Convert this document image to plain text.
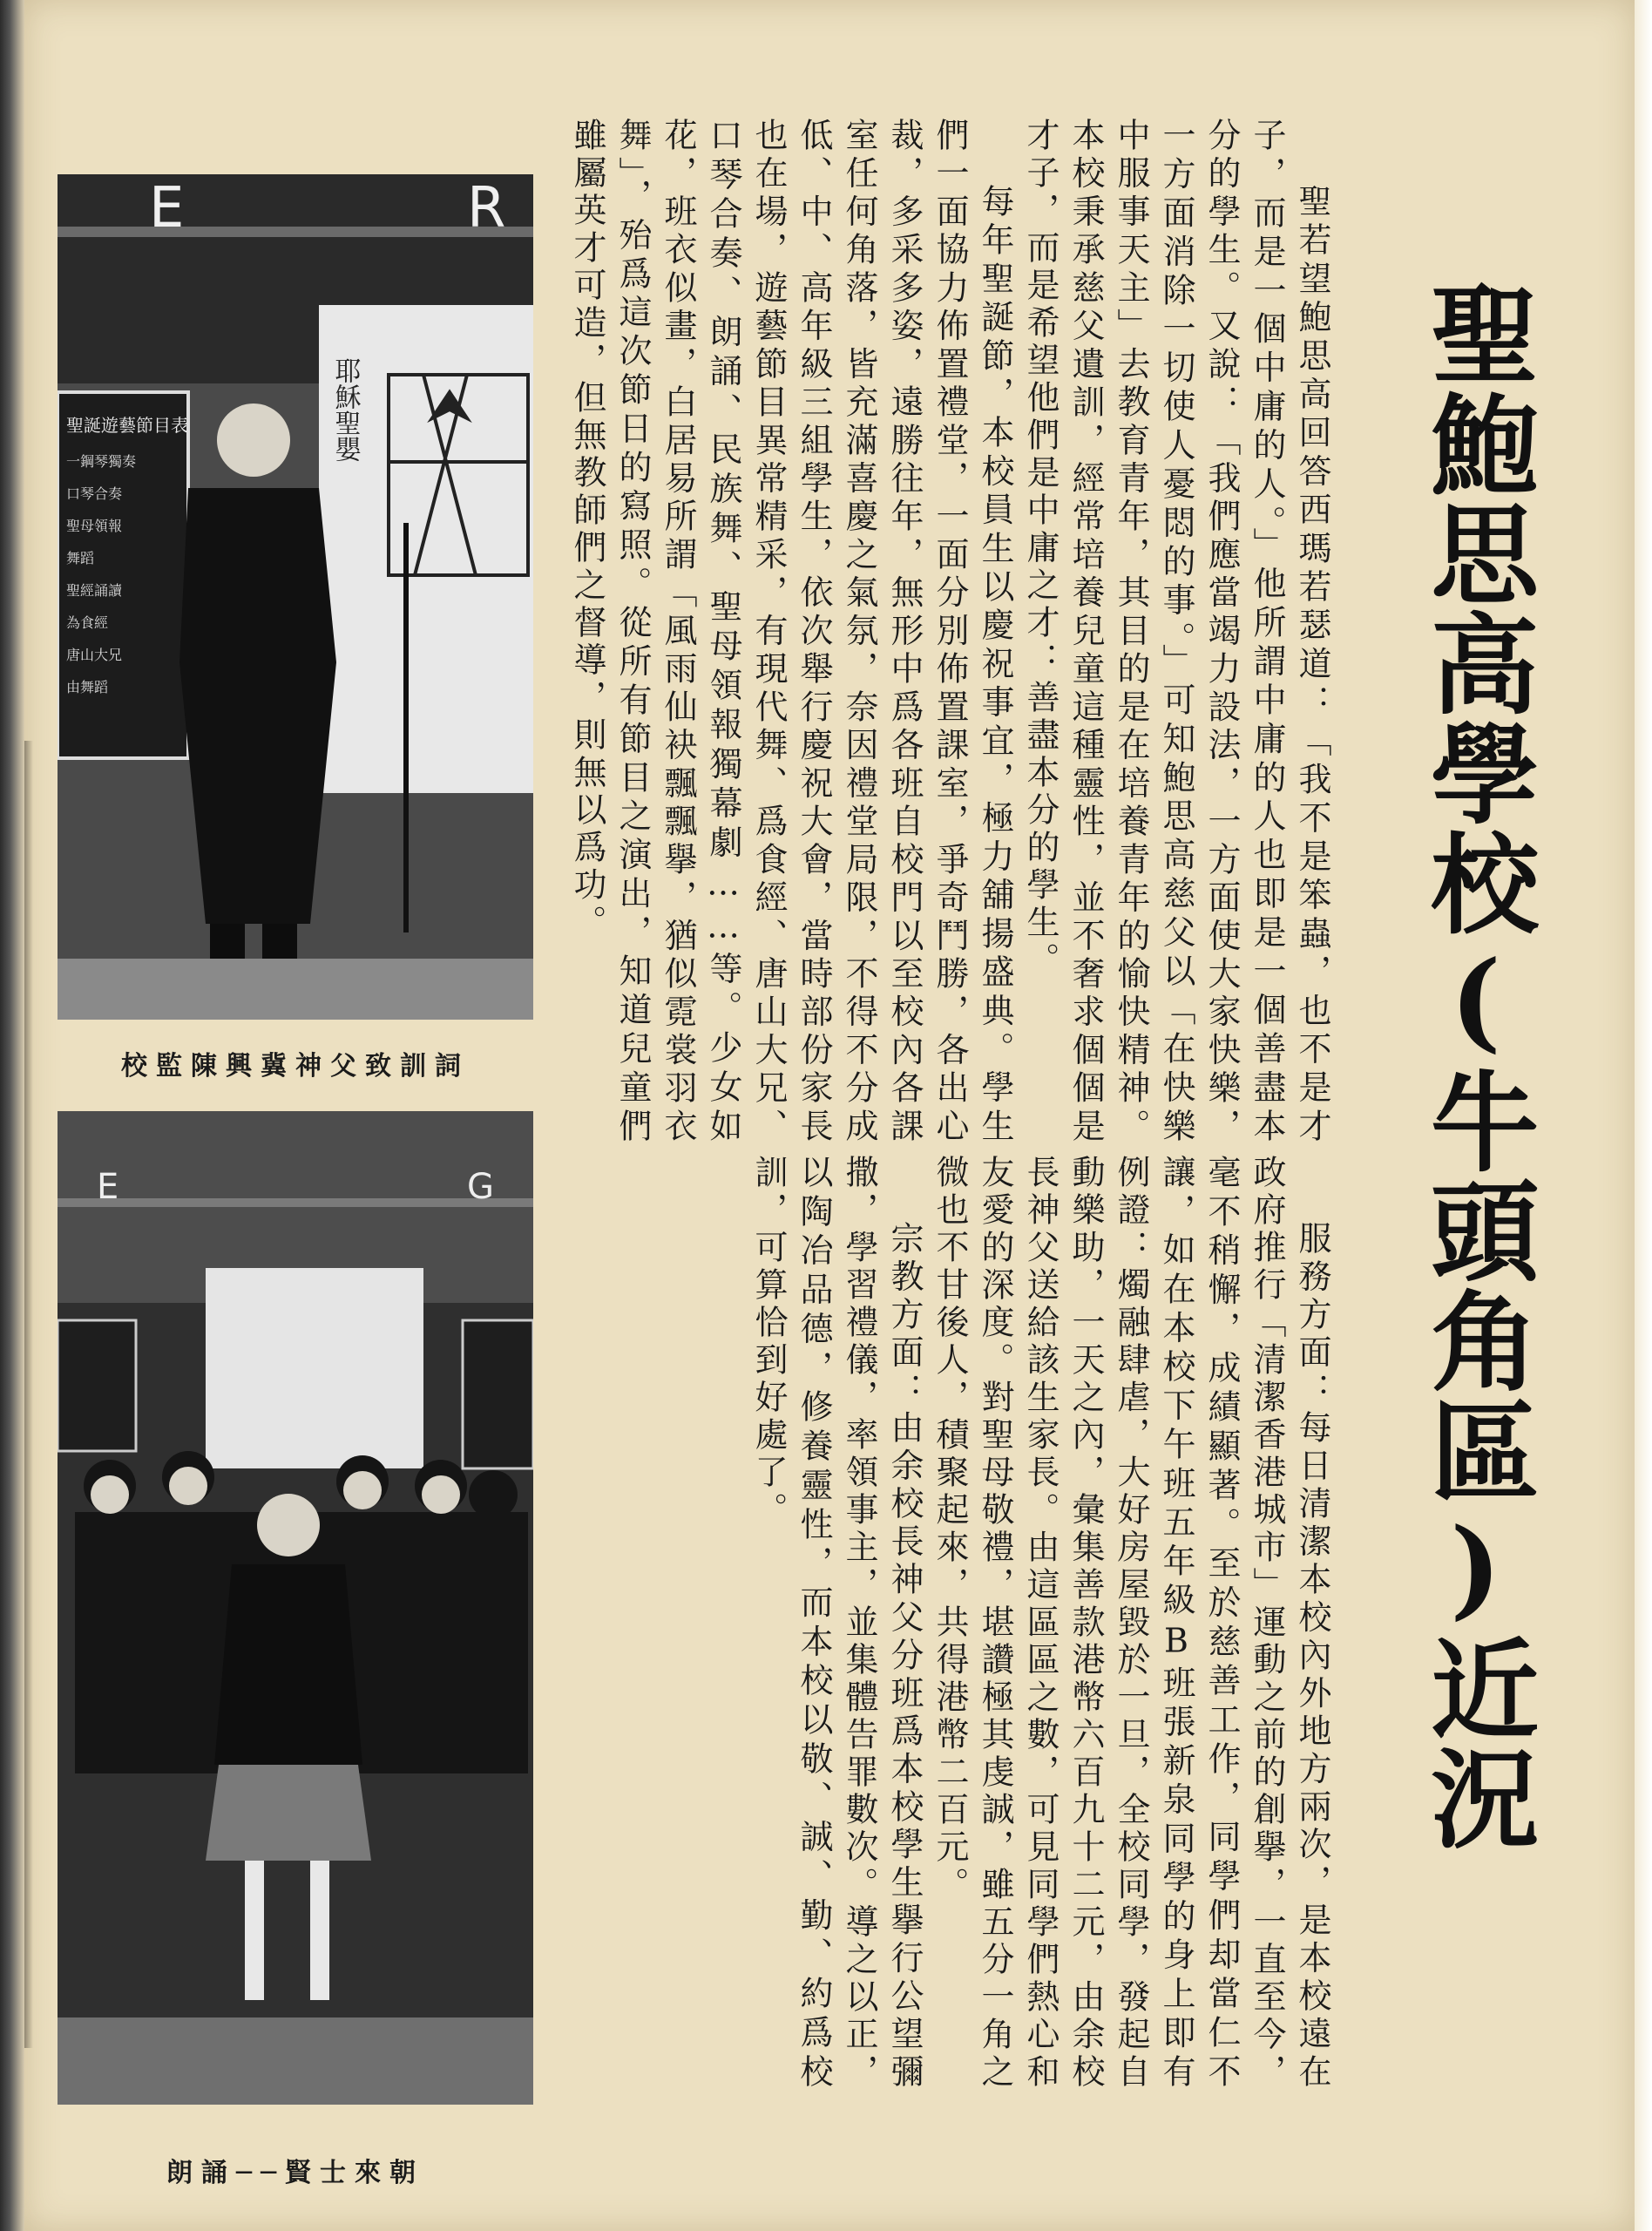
聖鮑思高學校(牛頭角區)近況

聖若望鮑思高回答西瑪若瑟道：「我不是笨蟲，也不是才子，而是一個中庸的人。」他所謂中庸的人也即是一個善盡本分的學生。又說：「我們應當竭力設法，一方面使大家快樂，一方面消除一切使人憂悶的事。」可知鮑思高慈父以「在快樂中服事天主」去教育青年，其目的是在培養青年的愉快精神。本校秉承慈父遺訓，經常培養兒童這種靈性，並不奢求個個是才子，而是希望他們是中庸之才：善盡本分的學生。

每年聖誕節，本校員生以慶祝事宜，極力舖揚盛典。學生們一面協力佈置禮堂，一面分別佈置課室，爭奇鬥勝，各出心裁，多采多姿，遠勝往年，無形中爲各班自校門以至校內各課室任何角落，皆充滿喜慶之氣氛，奈因禮堂局限，不得不分成低、中、高年級三組學生，依次舉行慶祝大會，當時部份家長也在場，遊藝節目異常精采，有現代舞、爲食經、唐山大兄、口琴合奏、朗誦、民族舞、聖母領報獨幕劇……等。少女如花，班衣似畫，白居易所謂「風雨仙袂飄飄擧，猶似霓裳羽衣舞」，殆爲這次節日的寫照。從所有節目之演出，知道兒童們雖屬英才可造，但無教師們之督導，則無以爲功。

服務方面：每日清潔本校內外地方兩次，是本校遠在政府推行「清潔香港城市」運動之前的創擧，一直至今，毫不稍懈，成績顯著。至於慈善工作，同學們却當仁不讓，如在本校下午班五年級B班張新泉同學的身上即有例證：燭融肆虐，大好房屋毀於一旦，全校同學，發起自動樂助，一天之內，彙集善款港幣六百九十二元，由余校長神父送給該生家長。由這區區之數，可見同學們熱心和友愛的深度。對聖母敬禮，堪讚極其虔誠，雖五分一角之微也不甘後人，積聚起來，共得港幣二百元。

宗教方面：由余校長神父分班爲本校學生擧行公望彌撒，學習禮儀，率領事主，並集體告罪數次。導之以正，以陶冶品德，修養靈性，而本校以敬、誠、勤、約爲校訓，可算恰到好處了。

E	R
聖誕遊藝節目表
一鋼琴獨奏
口琴合奏
聖母領報
舞蹈
聖經誦讀
為食經
唐山大兄
由舞蹈
耶穌聖嬰
校監陳興冀神父致訓詞
E	G
朗誦──賢士來朝
